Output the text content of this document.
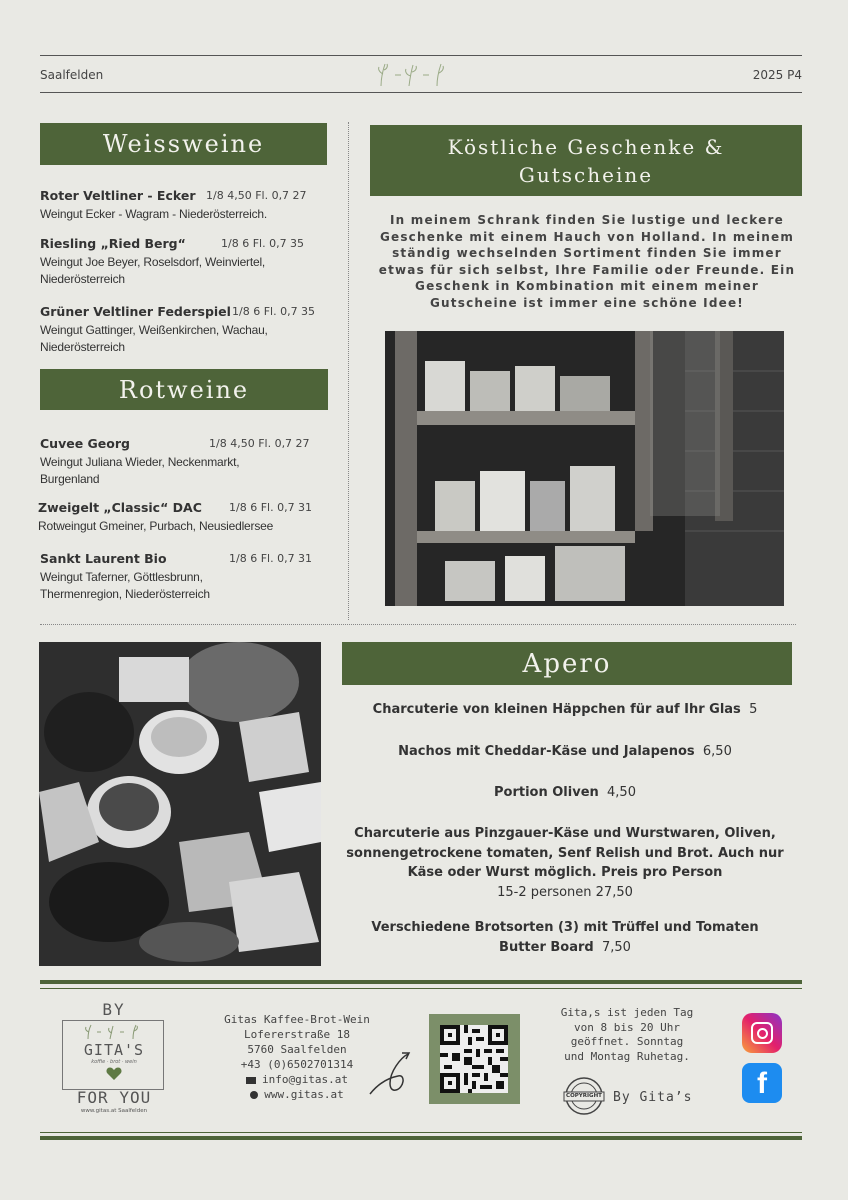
Saalfelden	2025 P4
Weissweine
Roter Veltliner - Ecker 1/8 4,50 Fl. 0,7 27
Weingut Ecker - Wagram - Niederösterreich.
Riesling „Ried Berg“	1/8 6 Fl. 0,7 35
Weingut Joe Beyer, Roselsdorf, Weinviertel, Niederösterreich
Grüner Veltliner Federspiel 1/8 6 Fl. 0,7 35
Weingut Gattinger, Weißenkirchen, Wachau, Niederösterreich
Rotweine
Cuvee Georg	1/8 4,50 Fl. 0,7 27
Weingut Juliana Wieder, Neckenmarkt, Burgenland
Zweigelt „Classic“ DAC 1/8 6 Fl. 0,7 31
Rotweingut Gmeiner, Purbach, Neusiedlersee
Sankt Laurent Bio	1/8 6 Fl. 0,7 31
Weingut Taferner, Göttlesbrunn, Thermenregion, Niederösterreich
Köstliche Geschenke &
Gutscheine
In meinem Schrank finden Sie lustige und leckere Geschenke mit einem Hauch von Holland. In meinem ständig wechselnden Sortiment finden Sie immer etwas für sich selbst, Ihre Familie oder Freunde. Ein Geschenk in Kombination mit einem meiner Gutscheine ist immer eine schöne Idee!
Apero
Charcuterie von kleinen Häppchen für auf Ihr Glas 5
Nachos mit Cheddar-Käse und Jalapenos 6,50
Portion Oliven 4,50
Charcuterie aus Pinzgauer-Käse und Wurstwaren, Oliven, sonnengetrockene tomaten, Senf Relish und Brot. Auch nur Käse oder Wurst möglich. Preis pro Person
15-2 personen 27,50
Verschiedene Brotsorten (3) mit Trüffel und Tomaten Butter Board 7,50
BY
GITA'S
koffie · brot · wein
FOR YOU
www.gitas.at Saalfelden
Gitas Kaffee-Brot-Wein
Lofererstraße 18
5760 Saalfelden
+43 (0)6502701314
info@gitas.at
www.gitas.at
Gita‚s ist jeden Tag
von 8 bis 20 Uhr
geöffnet. Sonntag
und Montag Ruhetag.
COPYRIGHT By Gita’s	f
